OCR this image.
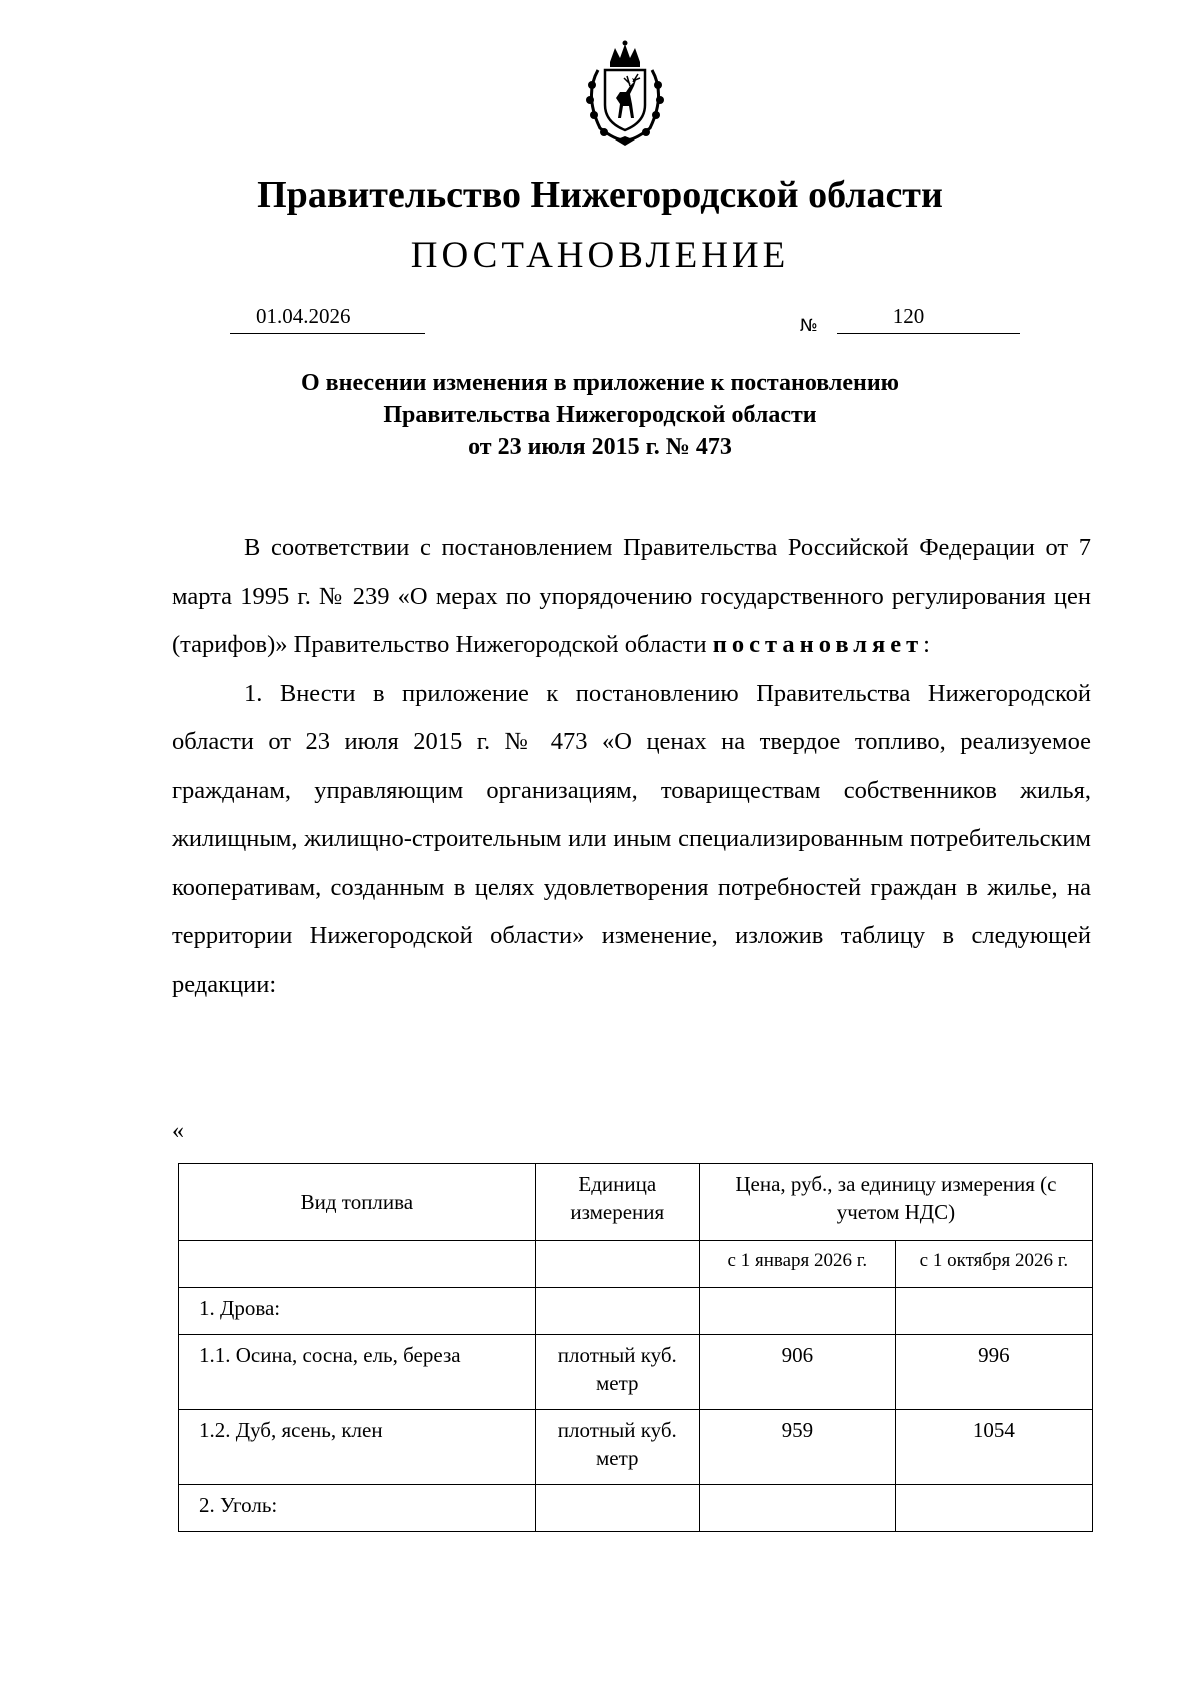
Правительство Нижегородской области
ПОСТАНОВЛЕНИЕ
01.04.2026	№	120
О внесении изменения в приложение к постановлению
Правительства Нижегородской области
от 23 июля 2015 г. № 473

В соответствии с постановлением Правительства Российской Федерации от 7 марта 1995 г. № 239 «О мерах по упорядочению государственного регулирования цен (тарифов)» Правительство Нижегородской области постановляет:

1. Внести в приложение к постановлению Правительства Нижегородской области от 23 июля 2015 г. № 473 «О ценах на твердое топливо, реализуемое гражданам, управляющим организациям, товариществам собственников жилья, жилищным, жилищно-строительным или иным специализированным потребительским кооперативам, созданным в целях удовлетворения потребностей граждан в жилье, на территории Нижегородской области» изменение, изложив таблицу в следующей редакции:

«
Вид топлива	Единица измерения	Цена, руб., за единицу измерения (с учетом НДС)	
		с 1 января 2026 г.	с 1 октября 2026 г.
1. Дрова:			
1.1. Осина, сосна, ель, береза	плотный куб. метр	906	996
1.2. Дуб, ясень, клен	плотный куб. метр	959	1054
2. Уголь:			
